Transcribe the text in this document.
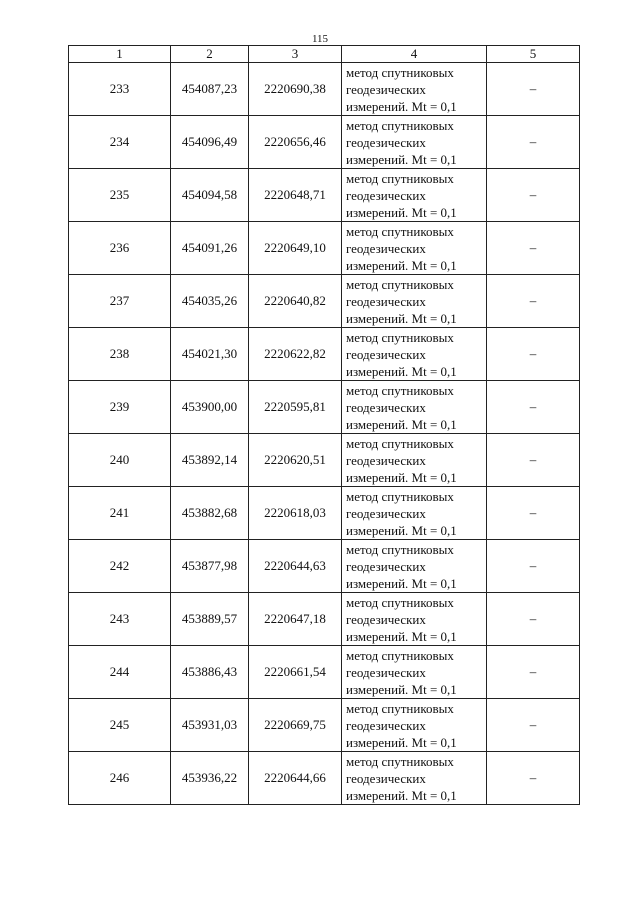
115
1	2	3	4	5
233	454087,23	2220690,38	метод спутниковых
геодезических
измерений. Mt = 0,1	–
234	454096,49	2220656,46	метод спутниковых
геодезических
измерений. Mt = 0,1	–
235	454094,58	2220648,71	метод спутниковых
геодезических
измерений. Mt = 0,1	–
236	454091,26	2220649,10	метод спутниковых
геодезических
измерений. Mt = 0,1	–
237	454035,26	2220640,82	метод спутниковых
геодезических
измерений. Mt = 0,1	–
238	454021,30	2220622,82	метод спутниковых
геодезических
измерений. Mt = 0,1	–
239	453900,00	2220595,81	метод спутниковых
геодезических
измерений. Mt = 0,1	–
240	453892,14	2220620,51	метод спутниковых
геодезических
измерений. Mt = 0,1	–
241	453882,68	2220618,03	метод спутниковых
геодезических
измерений. Mt = 0,1	–
242	453877,98	2220644,63	метод спутниковых
геодезических
измерений. Mt = 0,1	–
243	453889,57	2220647,18	метод спутниковых
геодезических
измерений. Mt = 0,1	–
244	453886,43	2220661,54	метод спутниковых
геодезических
измерений. Mt = 0,1	–
245	453931,03	2220669,75	метод спутниковых
геодезических
измерений. Mt = 0,1	–
246	453936,22	2220644,66	метод спутниковых
геодезических
измерений. Mt = 0,1	–
